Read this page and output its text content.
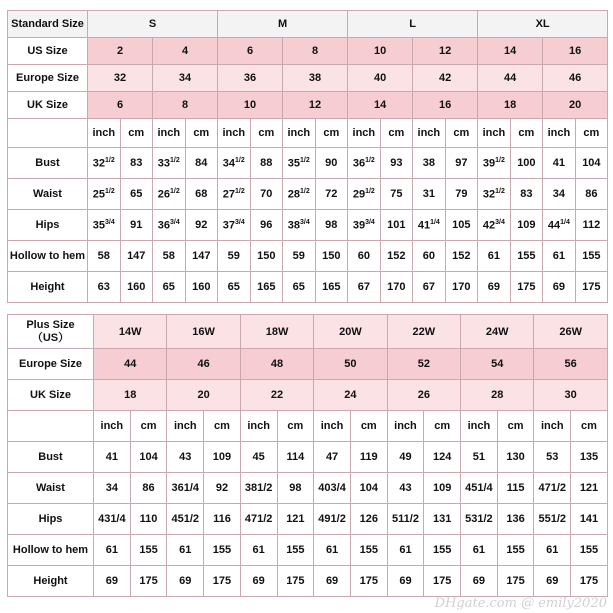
Standard Size	S				M				L				XL			
US Size	2		4		6		8		10		12		14		16	
Europe Size	32		34		36		38		40		42		44		46	
UK Size	6		8		10		12		14		16		18		20	
	inch	cm	inch	cm	inch	cm	inch	cm	inch	cm	inch	cm	inch	cm	inch	cm
Bust	$32^{1/2}$	83	$33^{1/2}$	84	$34^{1/2}$	88	$35^{1/2}$	90	$36^{1/2}$	93	38	97	$39^{1/2}$	100	41	104
Waist	$25^{1/2}$	65	$26^{1/2}$	68	$27^{1/2}$	70	$28^{1/2}$	72	$29^{1/2}$	75	31	79	$32^{1/2}$	83	34	86
Hips	$35^{3/4}$	91	$36^{3/4}$	92	$37^{3/4}$	96	$38^{3/4}$	98	$39^{3/4}$	101	$41^{1/4}$	105	$42^{3/4}$	109	$44^{1/4}$	112
Hollow to hem	58	147	58	147	59	150	59	150	60	152	60	152	61	155	61	155
Height	63	160	65	160	65	165	65	165	67	170	67	170	69	175	69	175
Plus Size
（US）	14W		16W		18W		20W		22W		24W		26W	
Europe Size	44		46		48		50		52		54		56	
UK Size	18		20		22		24		26		28		30	
	inch	cm	inch	cm	inch	cm	inch	cm	inch	cm	inch	cm	inch	cm
Bust	41	104	43	109	45	114	47	119	49	124	51	130	53	135
Waist	34	86	361/4	92	381/2	98	403/4	104	43	109	451/4	115	471/2	121
Hips	431/4	110	451/2	116	471/2	121	491/2	126	511/2	131	531/2	136	551/2	141
Hollow to hem	61	155	61	155	61	155	61	155	61	155	61	155	61	155
Height	69	175	69	175	69	175	69	175	69	175	69	175	69	175
DHgate.com @ emily2020
